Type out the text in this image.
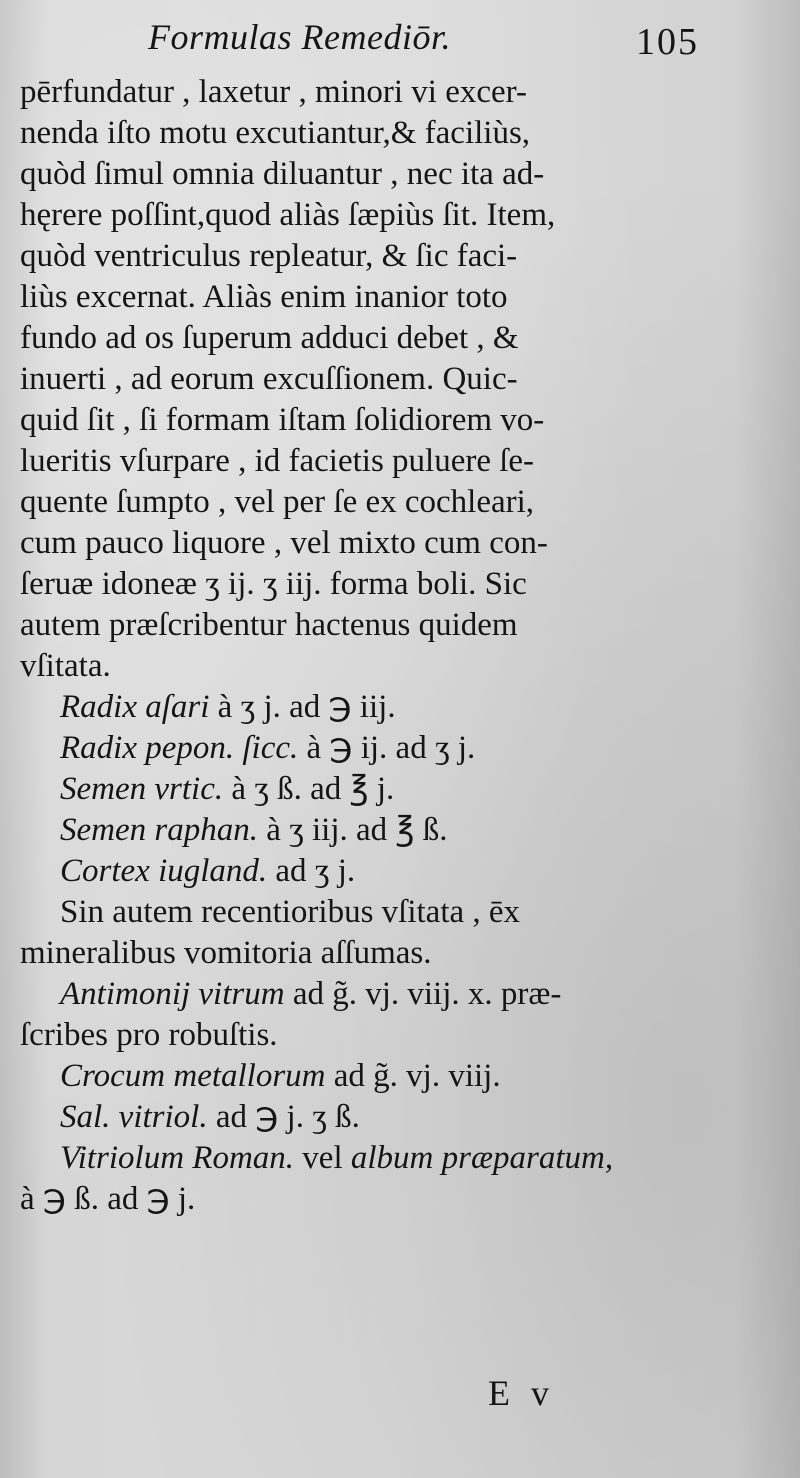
Formulas Remediōr.	105
pērfundatur , laxetur , minori vi excer-
nenda iſto motu excutiantur,& faciliùs,
quòd ſimul omnia diluantur , nec ita ad-
hęrere poſſint,quod aliàs ſæpiùs ſit. Item,
quòd ventriculus repleatur, & ſic faci-
liùs excernat. Aliàs enim inanior toto
fundo ad os ſuperum adduci debet , &
inuerti , ad eorum excuſſionem. Quic-
quid ſit , ſi formam iſtam ſolidiorem vo-
lueritis vſurpare , id facietis puluere ſe-
quente ſumpto , vel per ſe ex cochleari,
cum pauco liquore , vel mixto cum con-
ſeruæ idoneæ ʒ ij. ʒ iij. forma boli. Sic
autem præſcribentur hactenus quidem
vſitata.
Radix aſari à ʒ j. ad ℈ iij.
Radix pepon. ſicc. à ℈ ij. ad ʒ j.
Semen vrtic. à ʒ ß. ad ℥ j.
Semen raphan. à ʒ iij. ad ℥ ß.
Cortex iugland. ad ʒ j.
Sin autem recentioribus vſitata , ēx
mineralibus vomitoria aſſumas.
Antimonij vitrum ad g̃. vj. viij. x. præ-
ſcribes pro robuſtis.
Crocum metallorum ad g̃. vj. viij.
Sal. vitriol. ad ℈ j. ʒ ß.
Vitriolum Roman. vel album præparatum,
à ℈ ß. ad ℈ j.
E v
